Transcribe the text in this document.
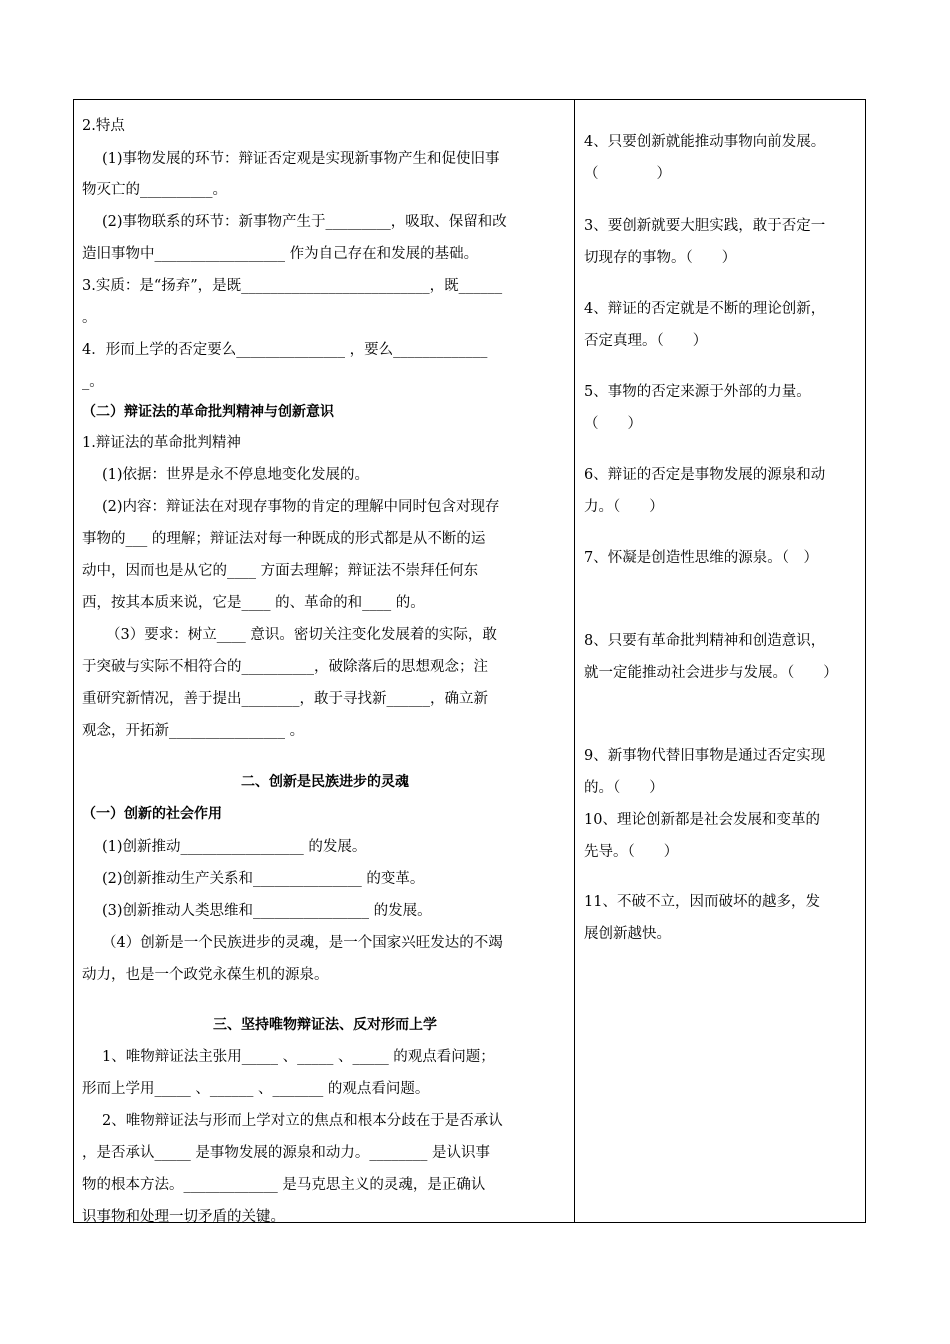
2.特点
(1)事物发展的环节：辩证否定观是实现新事物产生和促使旧事
物灭亡的__________。
(2)事物联系的环节：新事物产生于_________，吸取、保留和改
造旧事物中__________________ 作为自己存在和发展的基础。
3.实质：是“扬弃”，是既__________________________，既______
。
4．形而上学的否定要么_______________ ，要么_____________
_。
（二）辩证法的革命批判精神与创新意识
1.辩证法的革命批判精神
(1)依据：世界是永不停息地变化发展的。
(2)内容：辩证法在对现存事物的肯定的理解中同时包含对现存
事物的___ 的理解；辩证法对每一种既成的形式都是从不断的运
动中，因而也是从它的____ 方面去理解；辩证法不崇拜任何东
西，按其本质来说，它是____ 的、革命的和____ 的。
（3）要求：树立____ 意识。密切关注变化发展着的实际，敢
于突破与实际不相符合的__________，破除落后的思想观念；注
重研究新情况，善于提出________，敢于寻找新______，确立新
观念，开拓新________________ 。
(1)创新推动_________________ 的发展。
(2)创新推动生产关系和_______________ 的变革。
(3)创新推动人类思维和________________ 的发展。
（4）创新是一个民族进步的灵魂，是一个国家兴旺发达的不竭
动力，也是一个政党永葆生机的源泉。
1、唯物辩证法主张用_____ 、_____ 、_____ 的观点看问题；
形而上学用_____ 、______ 、_______ 的观点看问题。
2、唯物辩证法与形而上学对立的焦点和根本分歧在于是否承认
，是否承认_____ 是事物发展的源泉和动力。________ 是认识事
物的根本方法。_____________ 是马克思主义的灵魂，是正确认
识事物和处理一切矛盾的关键。
二、创新是民族进步的灵魂
三、坚持唯物辩证法、反对形而上学
（一）创新的社会作用
4、只要创新就能推动事物向前发展。（　　　　）
3、要创新就要大胆实践，敢于否定一切现存的事物。（　　）
4、辩证的否定就是不断的理论创新，否定真理。（　　）
5、事物的否定来源于外部的力量。（　　）
6、辩证的否定是事物发展的源泉和动力。（　　）
7、怀凝是创造性思维的源泉。（　）
8、只要有革命批判精神和创造意识，就一定能推动社会进步与发展。（　　）
9、新事物代替旧事物是通过否定实现的。（　　）
10、理论创新都是社会发展和变革的先导。（　　）
11、不破不立，因而破坏的越多，发展创新越快。
